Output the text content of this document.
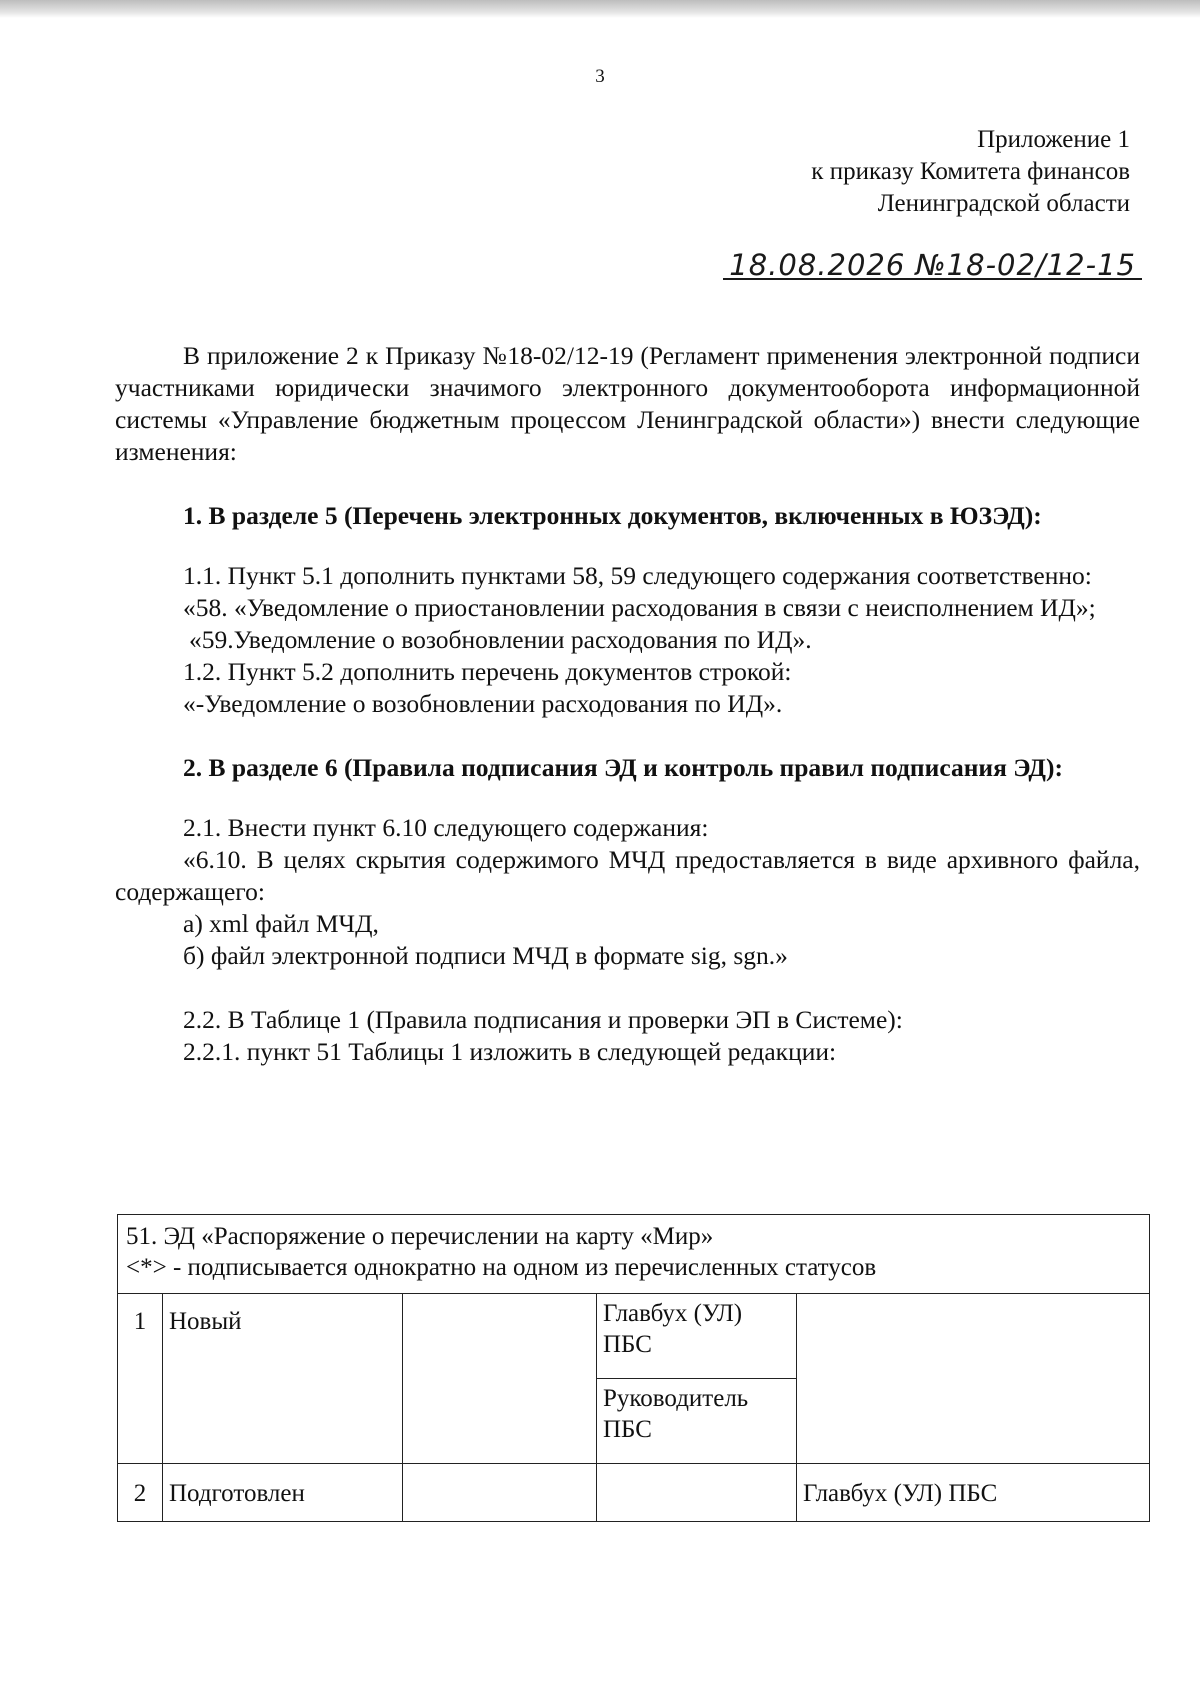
3
Приложение 1
к приказу Комитета финансов
Ленинградской области
18.08.2026 №18-02/12-15

В приложение 2 к Приказу №18-02/12-19 (Регламент применения электронной подписи участниками юридически значимого электронного документооборота информационной системы «Управление бюджетным процессом Ленинградской области») внести следующие изменения:

1. В разделе 5 (Перечень электронных документов, включенных в ЮЗЭД):

1.1. Пункт 5.1 дополнить пунктами 58, 59 следующего содержания соответственно:

«58. «Уведомление о приостановлении расходования в связи с неисполнением ИД»;

«59.Уведомление о возобновлении расходования по ИД».

1.2. Пункт 5.2 дополнить перечень документов строкой:

«-Уведомление о возобновлении расходования по ИД».

2. В разделе 6 (Правила подписания ЭД и контроль правил подписания ЭД):

2.1. Внести пункт 6.10 следующего содержания:

«6.10. В целях скрытия содержимого МЧД предоставляется в виде архивного файла, содержащего:

а) xml файл МЧД,

б) файл электронной подписи МЧД в формате sig, sgn.»

2.2. В Таблице 1 (Правила подписания и проверки ЭП в Системе):

2.2.1. пункт 51 Таблицы 1 изложить в следующей редакции:

51. ЭД «Распоряжение о перечислении на карту «Мир»
<*> - подписывается однократно на одном из перечисленных статусов				

1	Новый		Главбух (УЛ) ПБС	
			Руководитель ПБС	
2	Подготовлен			Главбух (УЛ) ПБС
